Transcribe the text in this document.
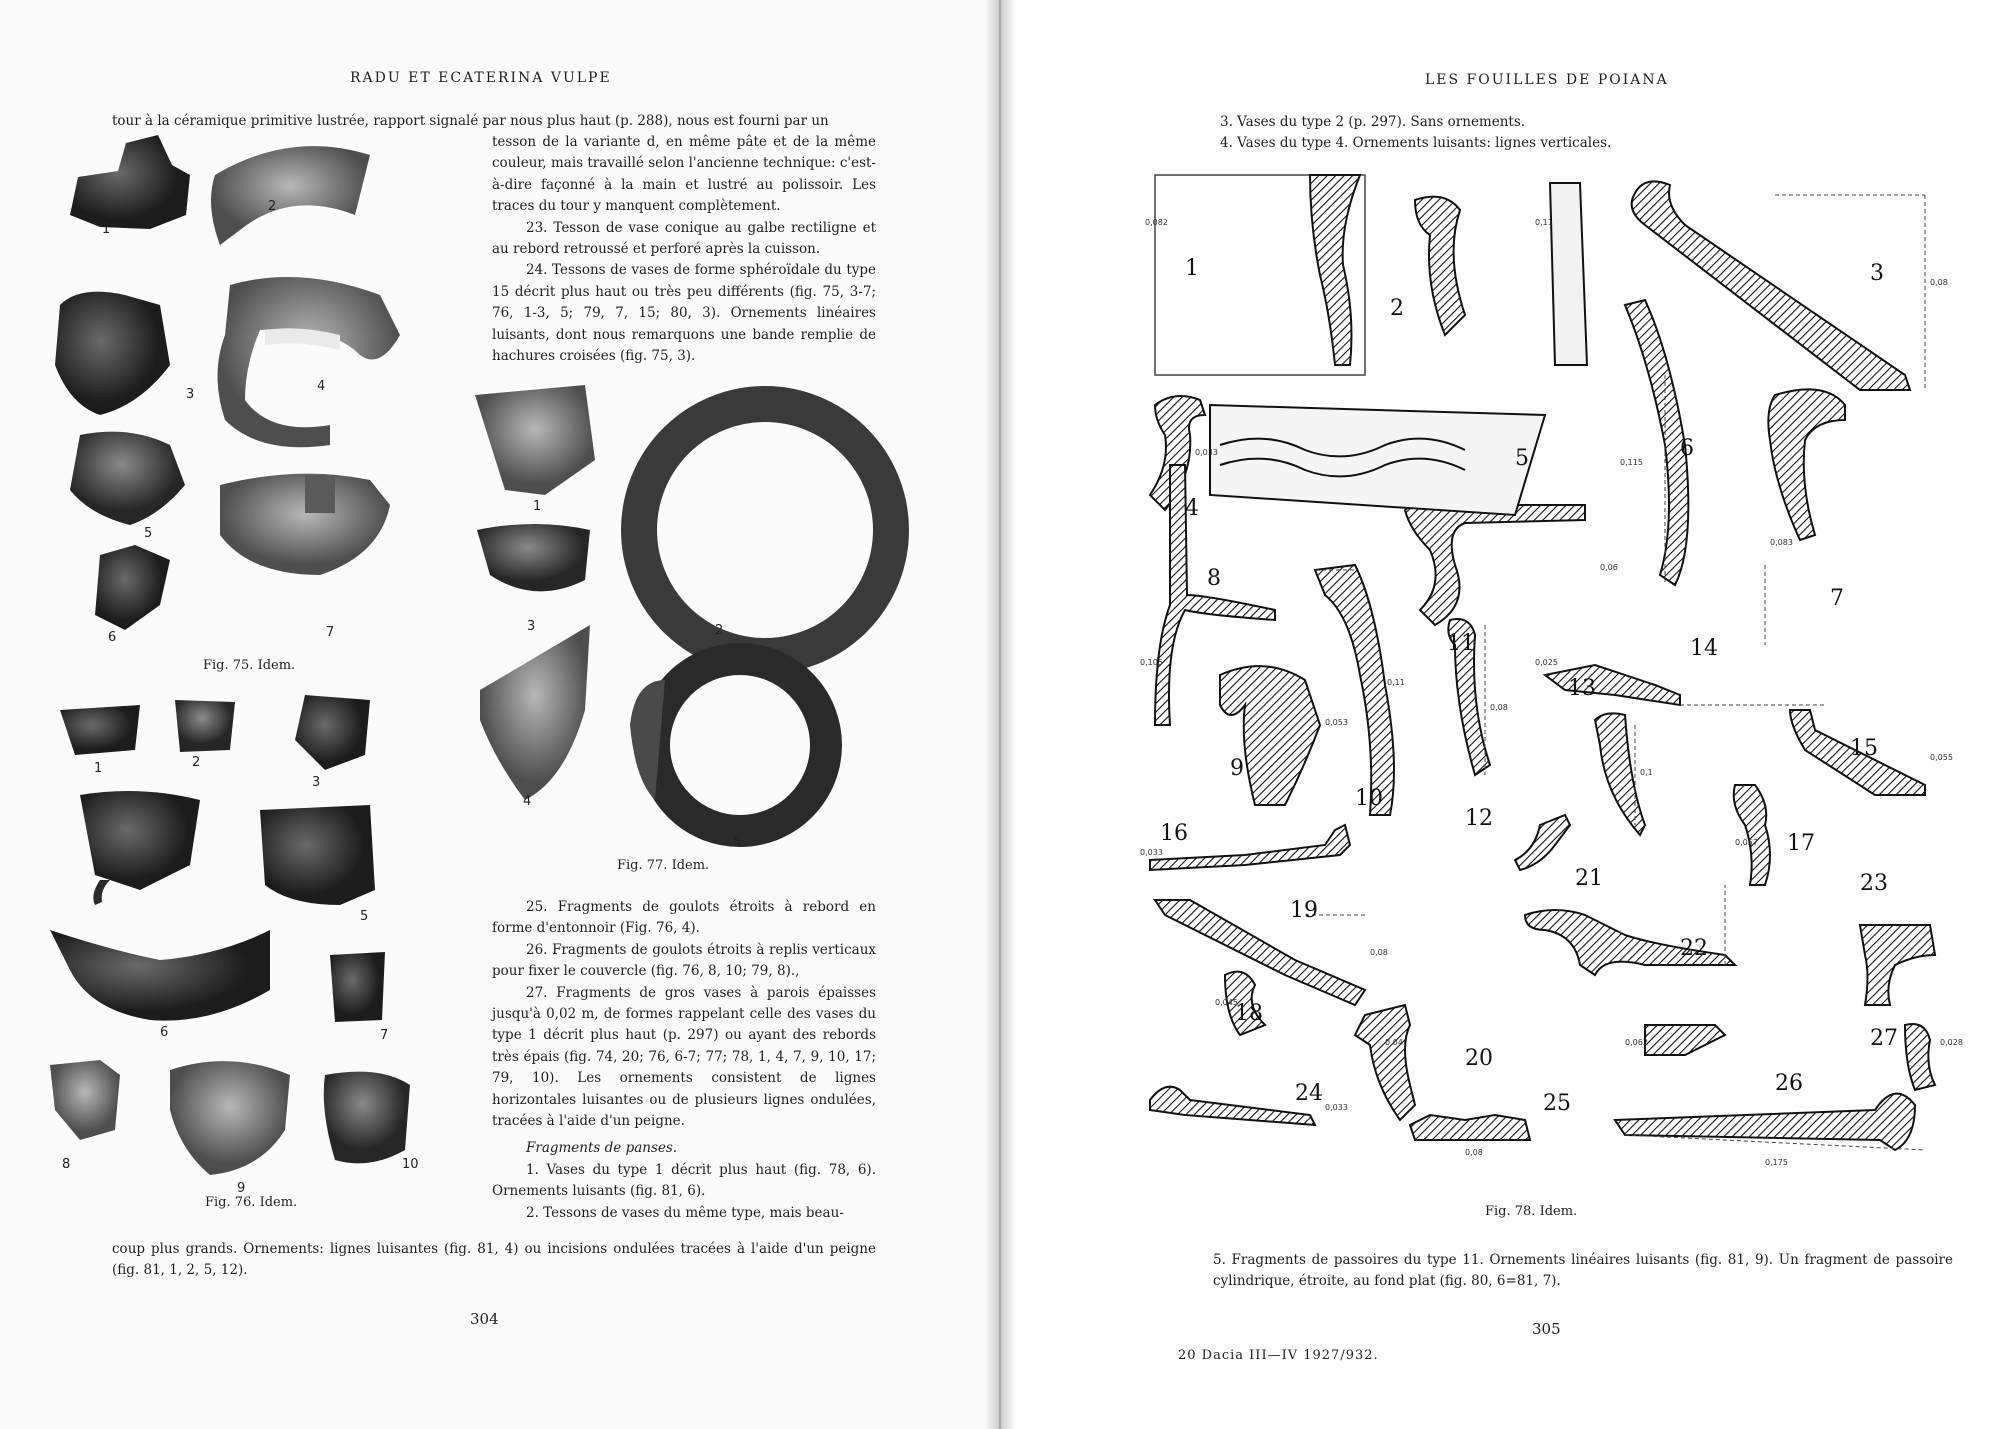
RADU ET ECATERINA VULPE
tour à la céramique primitive lustrée, rapport signalé par nous plus haut (p. 288), nous est fourni par un

tesson de la variante d, en même pâte et de la même couleur, mais travaillé selon l'ancienne technique: c'est-à-dire façonné à la main et lustré au polissoir. Les traces du tour y manquent complètement.

23. Tesson de vase conique au galbe rectiligne et au rebord retroussé et perforé après la cuisson.

24. Tessons de vases de forme sphéroïdale du type 15 décrit plus haut ou très peu différents (fig. 75, 3-7; 76, 1-3, 5; 79, 7, 15; 80, 3). Ornements linéaires luisants, dont nous remarquons une bande remplie de hachures croisées (fig. 75, 3).

1
2
3
4
5
6	7
Fig. 75. Idem.
1
2
3
4
5
Fig. 77. Idem.
1	2
3
4
5
6	7
8
9
10
Fig. 76. Idem.

25. Fragments de goulots étroits à rebord en forme d'entonnoir (Fig. 76, 4).

26. Fragments de goulots étroits à replis verticaux pour fixer le couvercle (fig. 76, 8, 10; 79, 8).,

27. Fragments de gros vases à parois épaisses jusqu'à 0,02 m, de formes rappelant celle des vases du type 1 décrit plus haut (p. 297) ou ayant des rebords très épais (fig. 74, 20; 76, 6-7; 77; 78, 1, 4, 7, 9, 10, 17; 79, 10). Les ornements consistent de lignes horizontales luisantes ou de plusieurs lignes ondulées, tracées à l'aide d'un peigne.

Fragments de panses.

1. Vases du type 1 décrit plus haut (fig. 78, 6). Ornements luisants (fig. 81, 6).

2. Tessons de vases du même type, mais beau-

coup plus grands. Ornements: lignes luisantes (fig. 81, 4) ou incisions ondulées tracées à l'aide d'un peigne (fig. 81, 1, 2, 5, 12).
304
LES FOUILLES DE POIANA

3. Vases du type 2 (p. 297). Sans ornements.

4. Vases du type 4. Ornements luisants: lignes verticales.

1
2
3
4
5	6
7
8
9
10
11
12
13
14
15
16	17
18
19
20
21
22
23
24	25
26
27
0,082	0,11
0,08
0,033
0,115
0,06
0,083
0,105
0,11
0,053
0,08
0,025
0,033
0,057
0,1
0,055
0,08
0,045
0,062
0,04	0,028
0,033
0,08
0,175
Fig. 78. Idem.
5. Fragments de passoires du type 11. Ornements linéaires luisants (fig. 81, 9). Un fragment de passoire cylindrique, étroite, au fond plat (fig. 80, 6=81, 7).
305
20 Dacia III—IV 1927/932.
